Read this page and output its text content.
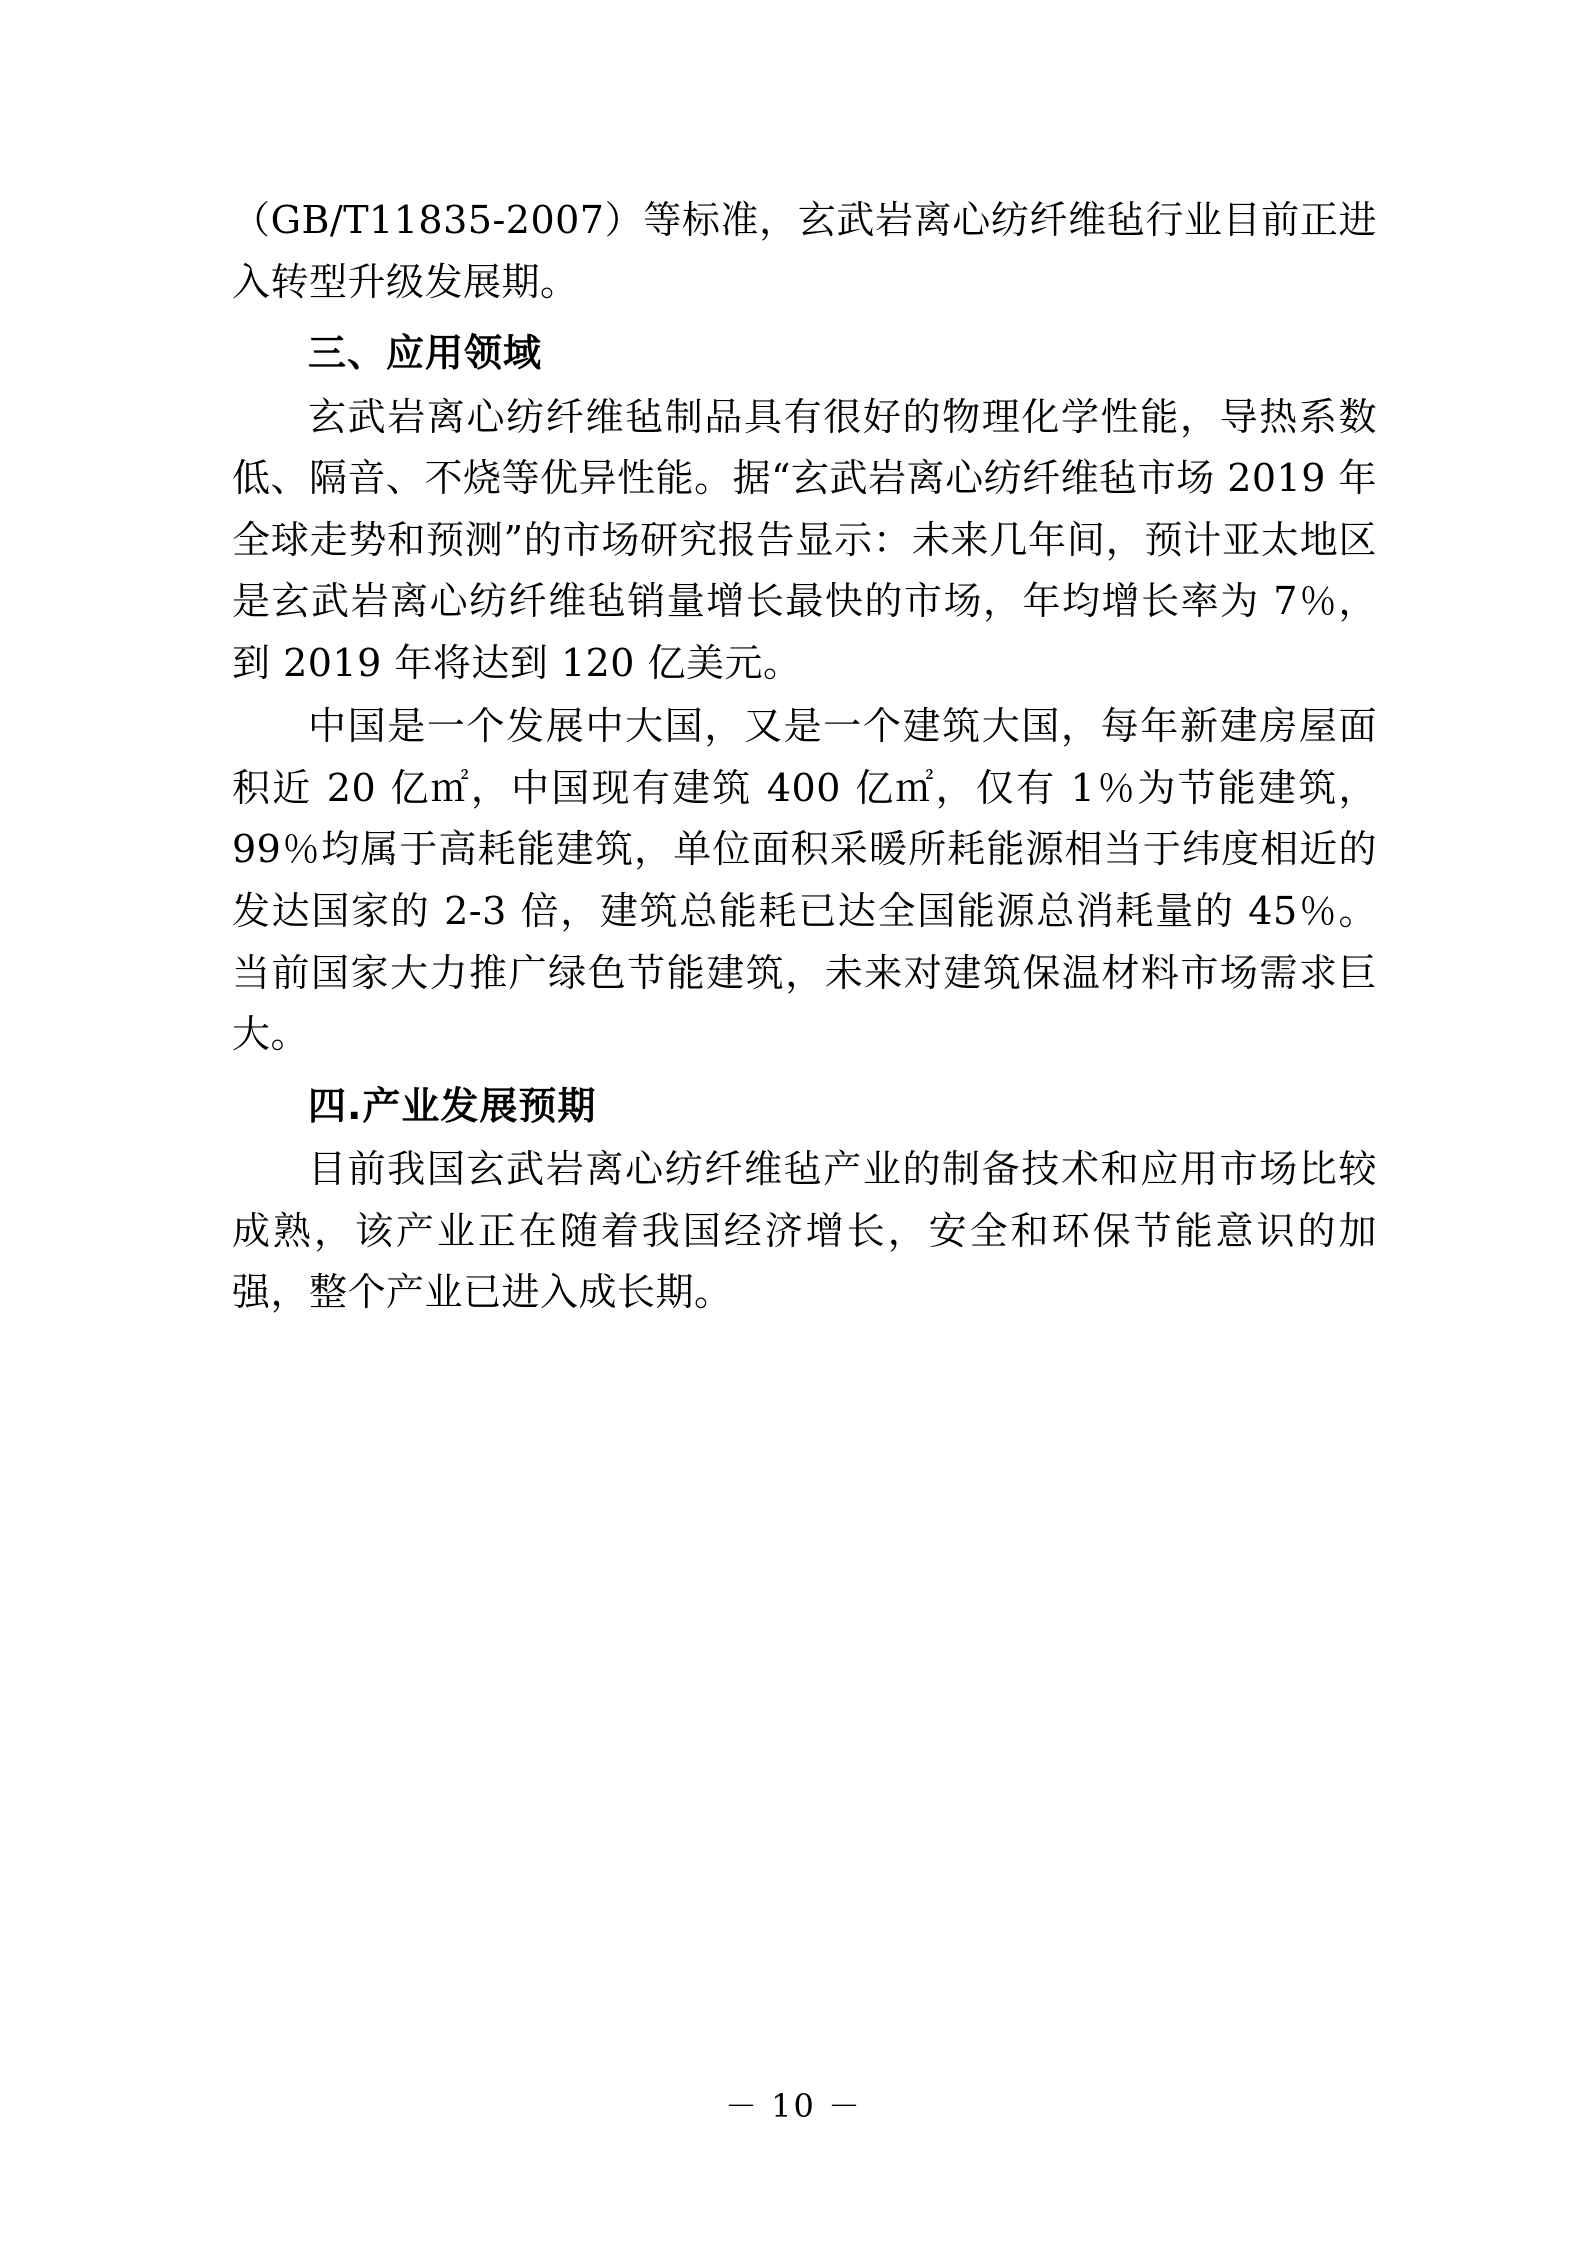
（GB/T11835-2007）等标准，玄武岩离心纺纤维毡行业目前正进入转型升级发展期。

三、应用领域

玄武岩离心纺纤维毡制品具有很好的物理化学性能，导热系数低、隔音、不烧等优异性能。据“玄武岩离心纺纤维毡市场 2019 年全球走势和预测”的市场研究报告显示：未来几年间，预计亚太地区是玄武岩离心纺纤维毡销量增长最快的市场，年均增长率为 7％，到 2019 年将达到 120 亿美元。

中国是一个发展中大国，又是一个建筑大国，每年新建房屋面积近 20 亿㎡，中国现有建筑 400 亿㎡，仅有 1％为节能建筑，99％均属于高耗能建筑，单位面积采暖所耗能源相当于纬度相近的发达国家的 2-3 倍，建筑总能耗已达全国能源总消耗量的 45％。当前国家大力推广绿色节能建筑，未来对建筑保温材料市场需求巨大。

四.产业发展预期

目前我国玄武岩离心纺纤维毡产业的制备技术和应用市场比较成熟，该产业正在随着我国经济增长，安全和环保节能意识的加强，整个产业已进入成长期。

－ 10 －
